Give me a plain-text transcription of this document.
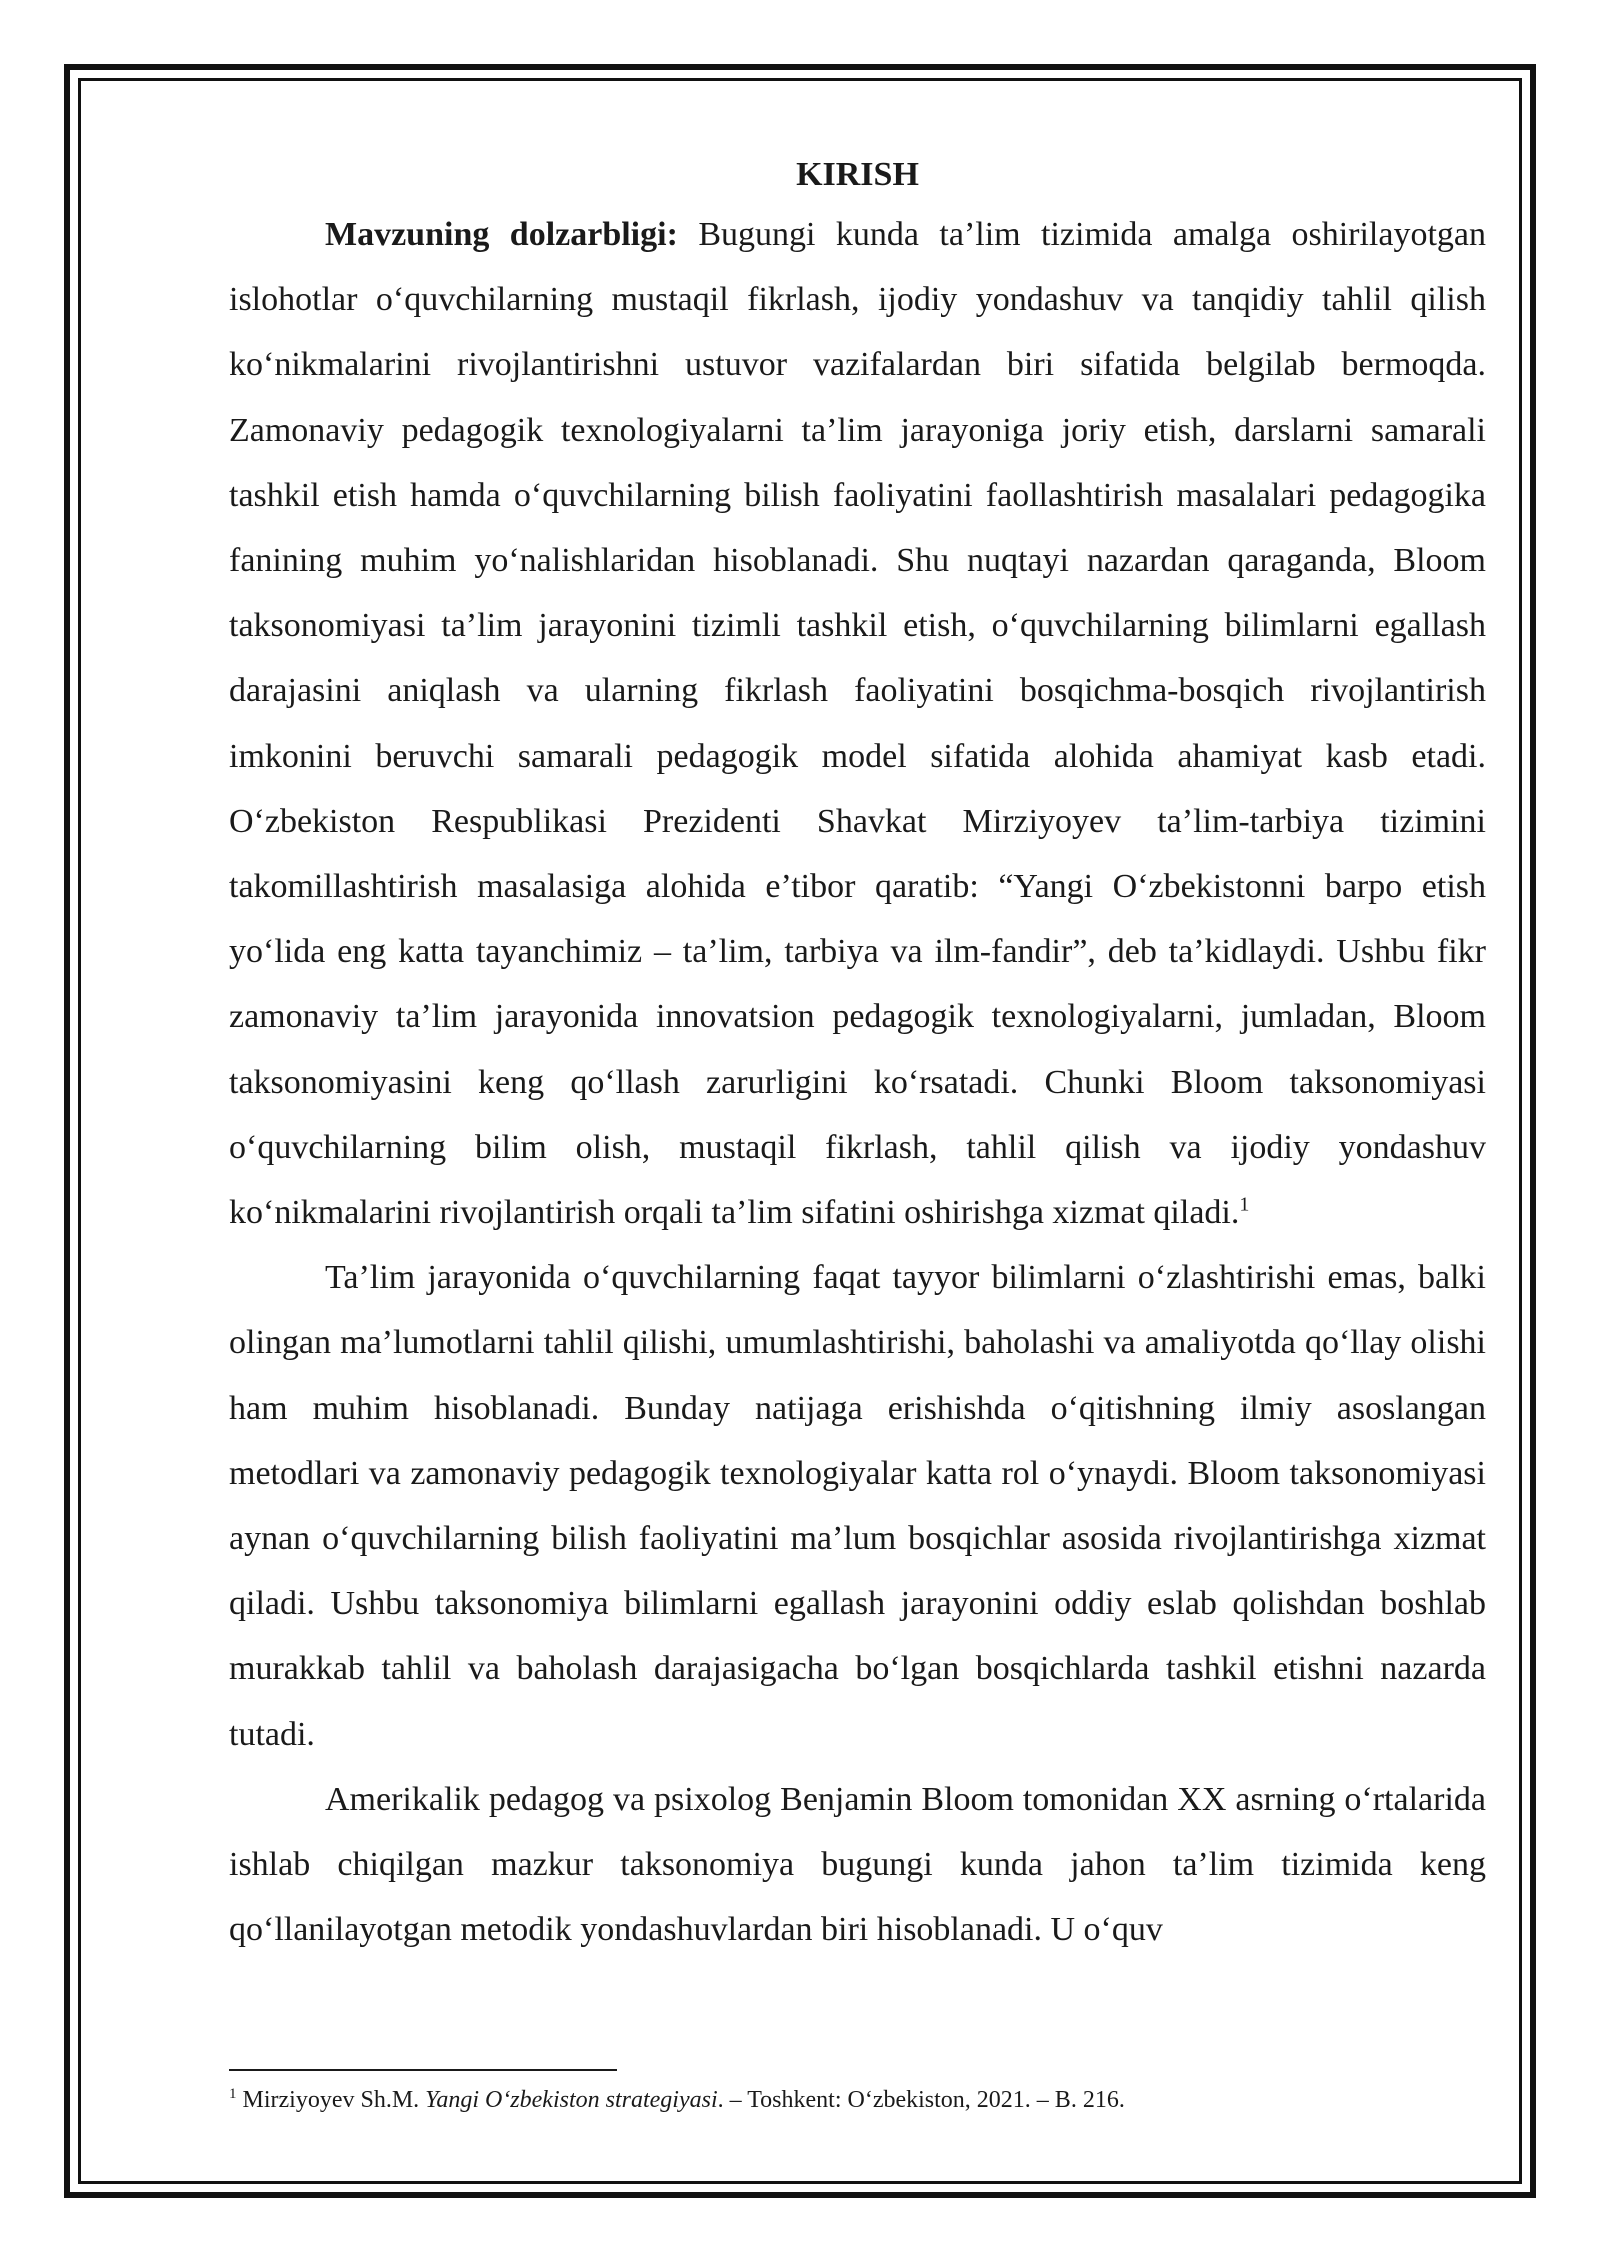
KIRISH

Mavzuning dolzarbligi: Bugungi kunda ta’lim tizimida amalga oshirilayotgan islohotlar o‘quvchilarning mustaqil fikrlash, ijodiy yondashuv va tanqidiy tahlil qilish ko‘nikmalarini rivojlantirishni ustuvor vazifalardan biri sifatida belgilab bermoqda. Zamonaviy pedagogik texnologiyalarni ta’lim jarayoniga joriy etish, darslarni samarali tashkil etish hamda o‘quvchilarning bilish faoliyatini faollashtirish masalalari pedagogika fanining muhim yo‘nalishlaridan hisoblanadi. Shu nuqtayi nazardan qaraganda, Bloom taksonomiyasi ta’lim jarayonini tizimli tashkil etish, o‘quvchilarning bilimlarni egallash darajasini aniqlash va ularning fikrlash faoliyatini bosqichma-bosqich rivojlantirish imkonini beruvchi samarali pedagogik model sifatida alohida ahamiyat kasb etadi. O‘zbekiston Respublikasi Prezidenti Shavkat Mirziyoyev ta’lim-tarbiya tizimini takomillashtirish masalasiga alohida e’tibor qaratib: “Yangi O‘zbekistonni barpo etish yo‘lida eng katta tayanchimiz – ta’lim, tarbiya va ilm-fandir”, deb ta’kidlaydi. Ushbu fikr zamonaviy ta’lim jarayonida innovatsion pedagogik texnologiyalarni, jumladan, Bloom taksonomiyasini keng qo‘llash zarurligini ko‘rsatadi. Chunki Bloom taksonomiyasi o‘quvchilarning bilim olish, mustaqil fikrlash, tahlil qilish va ijodiy yondashuv ko‘nikmalarini rivojlantirish orqali ta’lim sifatini oshirishga xizmat qiladi.$^1$

Ta’lim jarayonida o‘quvchilarning faqat tayyor bilimlarni o‘zlashtirishi emas, balki olingan ma’lumotlarni tahlil qilishi, umumlashtirishi, baholashi va amaliyotda qo‘llay olishi ham muhim hisoblanadi. Bunday natijaga erishishda o‘qitishning ilmiy asoslangan metodlari va zamonaviy pedagogik texnologiyalar katta rol o‘ynaydi. Bloom taksonomiyasi aynan o‘quvchilarning bilish faoliyatini ma’lum bosqichlar asosida rivojlantirishga xizmat qiladi. Ushbu taksonomiya bilimlarni egallash jarayonini oddiy eslab qolishdan boshlab murakkab tahlil va baholash darajasigacha bo‘lgan bosqichlarda tashkil etishni nazarda tutadi.

Amerikalik pedagog va psixolog Benjamin Bloom tomonidan XX asrning o‘rtalarida ishlab chiqilgan mazkur taksonomiya bugungi kunda jahon ta’lim tizimida keng qo‘llanilayotgan metodik yondashuvlardan biri hisoblanadi. U o‘quv

$^1$ Mirziyoyev Sh.M. Yangi O‘zbekiston strategiyasi. – Toshkent: O‘zbekiston, 2021. – B. 216.
